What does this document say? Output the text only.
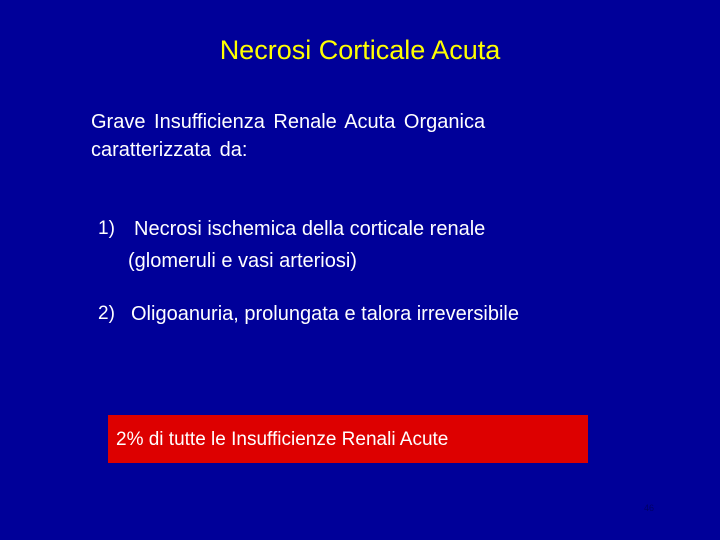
Necrosi Corticale Acuta
Grave Insufficienza Renale Acuta Organica
caratterizzata da:
1) Necrosi ischemica della corticale renale
(glomeruli e vasi arteriosi)
2) Oligoanuria, prolungata e talora irreversibile
2% di tutte le Insufficienze Renali Acute
46
